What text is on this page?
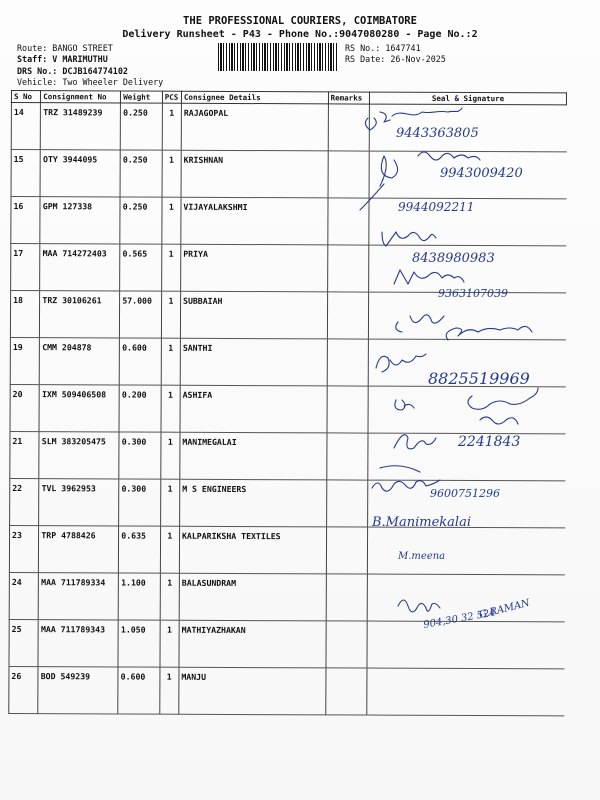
THE PROFESSIONAL COURIERS, COIMBATORE
Delivery Runsheet - P43 - Phone No.:9047080280 - Page No.:2
Route: BANGO STREET
Staff: V MARIMUTHU
DRS No.: DCJB164774102
Vehicle: Two Wheeler Delivery
RS No.: 1647741
RS Date: 26-Nov-2025
S No	Consignment No	Weight	PCS	Consignee Details	Remarks	Seal & Signature
14	TRZ 31489239	0.250	1	RAJAGOPAL		
15	OTY 3944095	0.250	1	KRISHNAN		
16	GPM 127338	0.250	1	VIJAYALAKSHMI		
17	MAA 714272403	0.565	1	PRIYA		
18	TRZ 30106261	57.000	1	SUBBAIAH		
19	CMM 204878	0.600	1	SANTHI		
20	IXM 509406508	0.200	1	ASHIFA		
21	SLM 383205475	0.300	1	MANIMEGALAI		
22	TVL 3962953	0.300	1	M S ENGINEERS		
23	TRP 4788426	0.635	1	KALPARIKSHA TEXTILES		
24	MAA 711789334	1.100	1	BALASUNDRAM		
25	MAA 711789343	1.050	1	MATHIYAZHAKAN		
26	BOD 549239	0.600	1	MANJU		
9443363805
9943009420
9944092211
8438980983
9363107039
8825519969
2241843
9600751296
B.Manimekalai
M.meena
904,30 32 524
G.RAMAN
